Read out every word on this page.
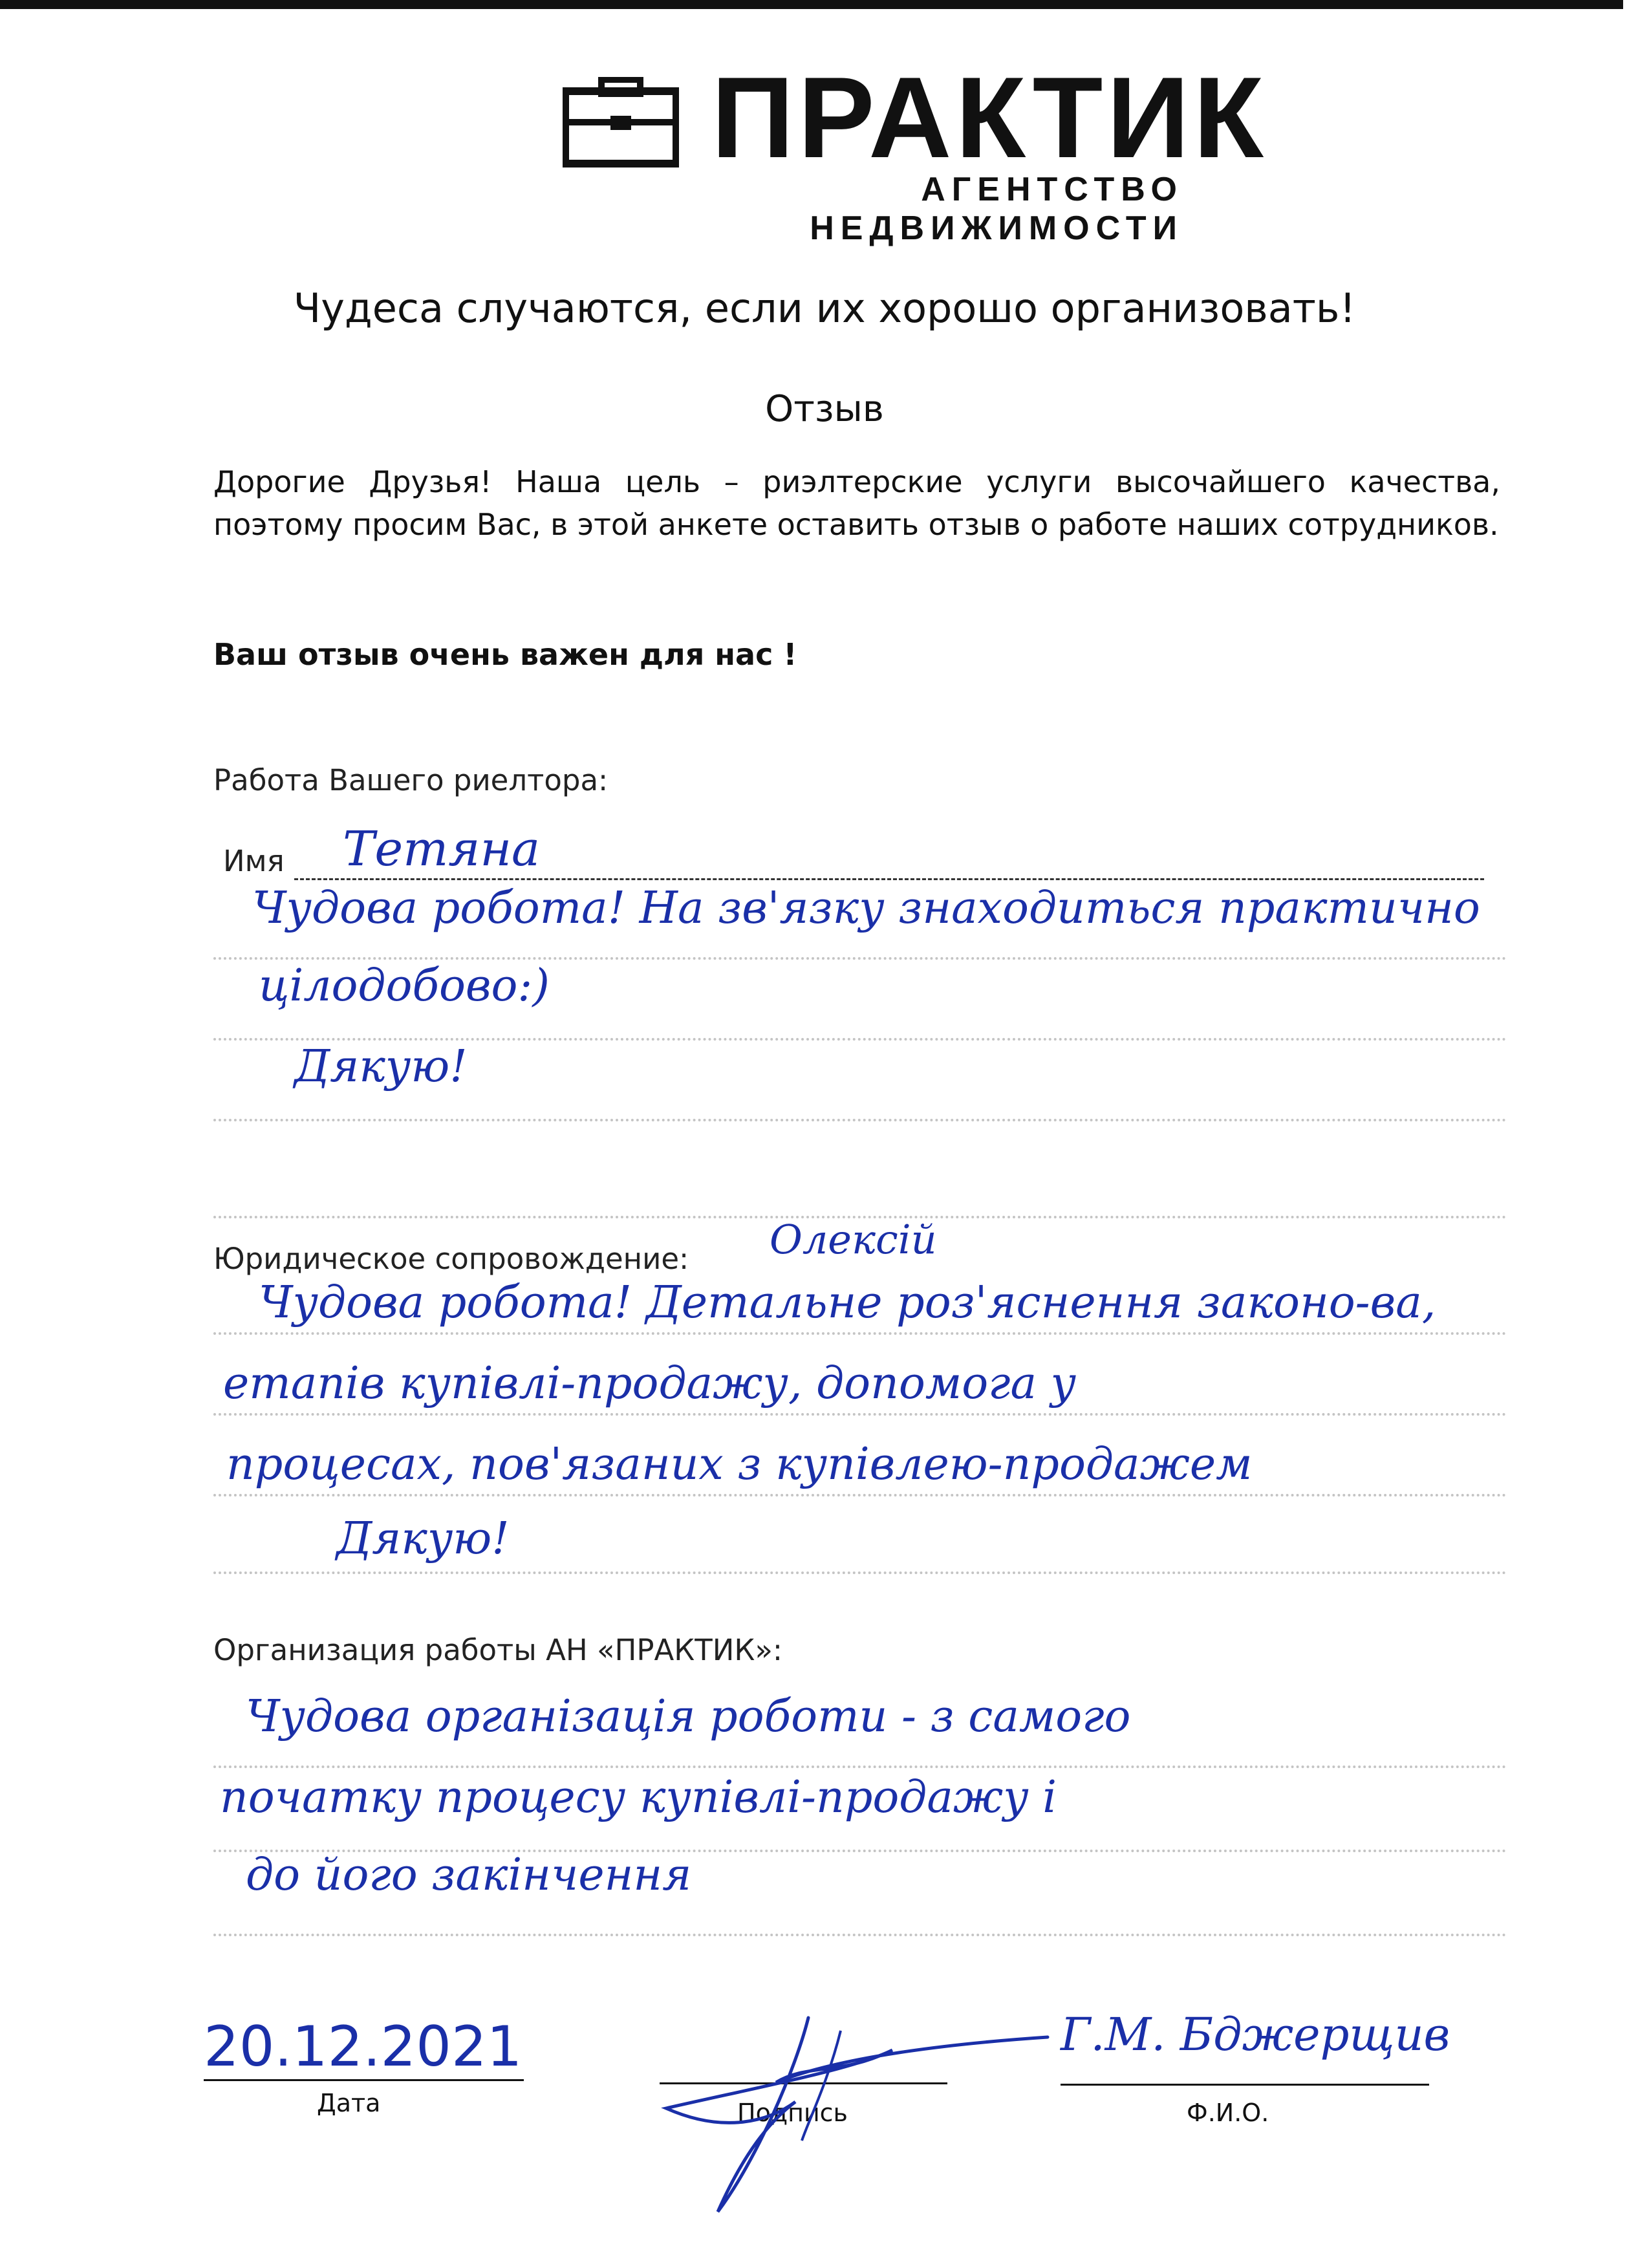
ПРАКТИК
АГЕНТСТВО НЕДВИЖИМОСТИ
Чудеса случаются, если их хорошо организовать!
Отзыв
Дорогие Друзья! Наша цель – риэлтерские услуги высочайшего качества, поэтому просим Вас, в этой анкете оставить отзыв о работе наших сотрудников.
Ваш отзыв очень важен для нас !
Работа Вашего риелтора:
Имя Тетяна
Чудова робота! На зв'язку знаходиться практично
цілодобово:)
Дякую!
Юридическое сопровождение: Олексій
Чудова робота! Детальне роз'яснення законо-ва,
етапів купівлі-продажу, допомога у
процесах, пов'язаних з купівлею-продажем
Дякую!
Организация работы АН «ПРАКТИК»:
Чудова організація роботи - з самого
початку процесу купівлі-продажу і
до його закінчення
20.12.2021
Дата	Подпись
Г.М. Бджерщив
Ф.И.О.
